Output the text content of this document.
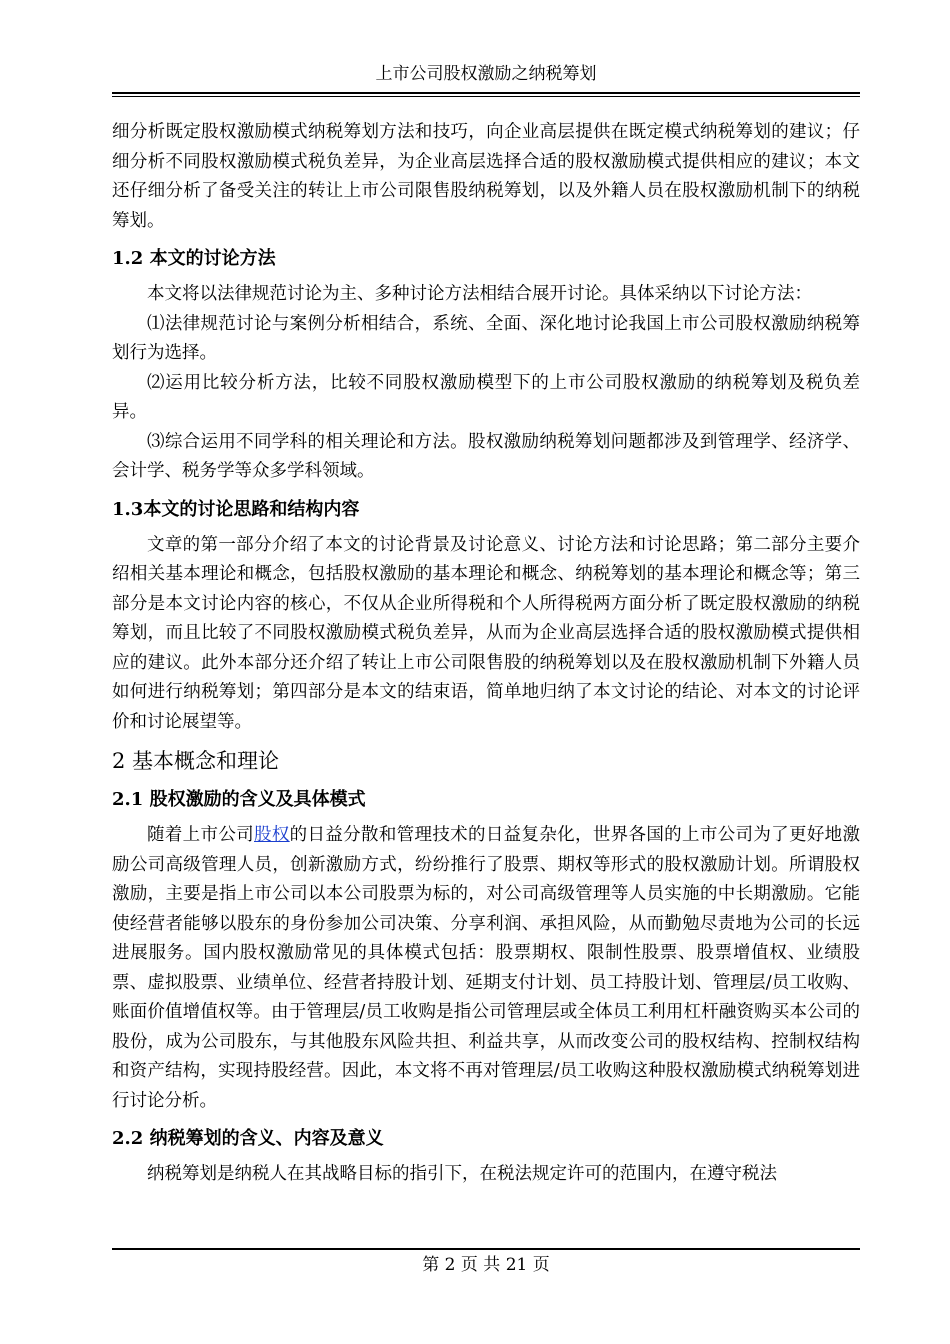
上市公司股权激励之纳税筹划

细分析既定股权激励模式纳税筹划方法和技巧，向企业高层提供在既定模式纳税筹划的建议；仔细分析不同股权激励模式税负差异，为企业高层选择合适的股权激励模式提供相应的建议；本文还仔细分析了备受关注的转让上市公司限售股纳税筹划，以及外籍人员在股权激励机制下的纳税筹划。

1.2 本文的讨论方法

本文将以法律规范讨论为主、多种讨论方法相结合展开讨论。具体采纳以下讨论方法：

⑴法律规范讨论与案例分析相结合，系统、全面、深化地讨论我国上市公司股权激励纳税筹划行为选择。

⑵运用比较分析方法，比较不同股权激励模型下的上市公司股权激励的纳税筹划及税负差异。

⑶综合运用不同学科的相关理论和方法。股权激励纳税筹划问题都涉及到管理学、经济学、会计学、税务学等众多学科领域。

1.3本文的讨论思路和结构内容

文章的第一部分介绍了本文的讨论背景及讨论意义、讨论方法和讨论思路；第二部分主要介绍相关基本理论和概念，包括股权激励的基本理论和概念、纳税筹划的基本理论和概念等；第三部分是本文讨论内容的核心，不仅从企业所得税和个人所得税两方面分析了既定股权激励的纳税筹划，而且比较了不同股权激励模式税负差异，从而为企业高层选择合适的股权激励模式提供相应的建议。此外本部分还介绍了转让上市公司限售股的纳税筹划以及在股权激励机制下外籍人员如何进行纳税筹划；第四部分是本文的结束语，简单地归纳了本文讨论的结论、对本文的讨论评价和讨论展望等。

2 基本概念和理论
2.1 股权激励的含义及具体模式

随着上市公司股权的日益分散和管理技术的日益复杂化，世界各国的上市公司为了更好地激励公司高级管理人员，创新激励方式，纷纷推行了股票、期权等形式的股权激励计划。所谓股权激励，主要是指上市公司以本公司股票为标的，对公司高级管理等人员实施的中长期激励。它能使经营者能够以股东的身份参加公司决策、分享利润、承担风险，从而勤勉尽责地为公司的长远进展服务。国内股权激励常见的具体模式包括：股票期权、限制性股票、股票增值权、业绩股票、虚拟股票、业绩单位、经营者持股计划、延期支付计划、员工持股计划、管理层/员工收购、账面价值增值权等。由于管理层/员工收购是指公司管理层或全体员工利用杠杆融资购买本公司的股份，成为公司股东，与其他股东风险共担、利益共享，从而改变公司的股权结构、控制权结构和资产结构，实现持股经营。因此，本文将不再对管理层/员工收购这种股权激励模式纳税筹划进行讨论分析。

2.2 纳税筹划的含义、内容及意义

纳税筹划是纳税人在其战略目标的指引下，在税法规定许可的范围内，在遵守税法

第 2 页 共 21 页
